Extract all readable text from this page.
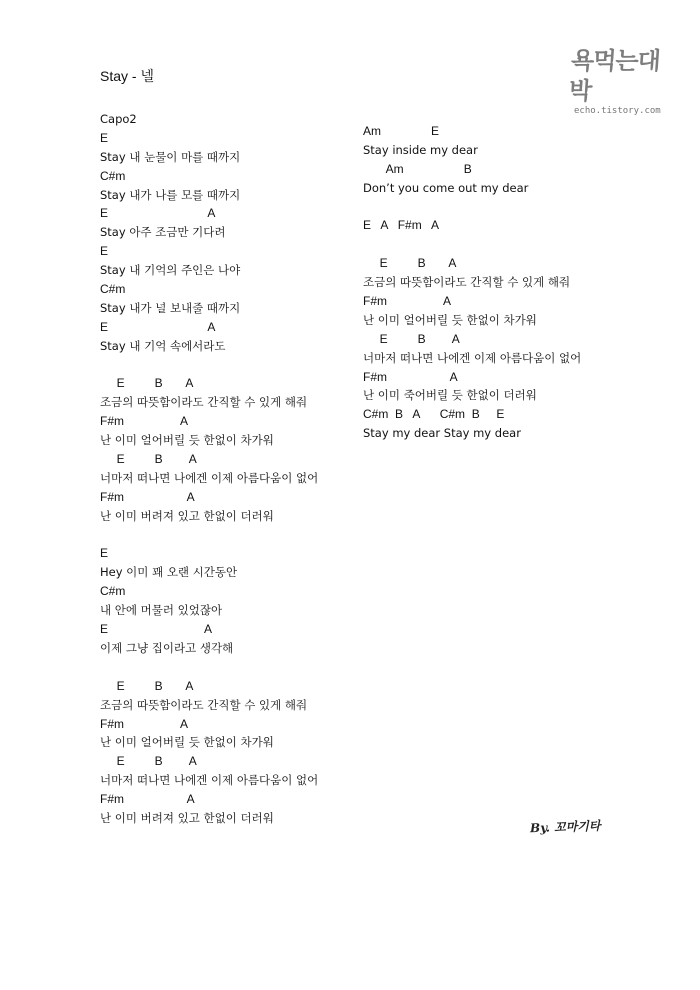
Stay - 넬
욕먹는대박
echo.tistory.com
Capo2
E
Stay 내 눈물이 마를 때까지
C#m
Stay 내가 나를 모를 때까지
E                              A
Stay 아주 조금만 기다려
E
Stay 내 기억의 주인은 나야
C#m
Stay 내가 널 보내줄 때까지
E                              A
Stay 내 기억 속에서라도
E         B       A
조금의 따뜻함이라도 간직할 수 있게 해줘
F#m                 A
난 이미 얼어버릴 듯 한없이 차가워
E         B        A
너마저 떠나면 나에겐 이제 아름다움이 없어
F#m                   A
난 이미 버려져 있고 한없이 더러워
E
Hey 이미 꽤 오랜 시간동안
C#m
내 안에 머물러 있었잖아
E                             A
이제 그냥 집이라고 생각해
E         B       A
조금의 따뜻함이라도 간직할 수 있게 해줘
F#m                 A
난 이미 얼어버릴 듯 한없이 차가워
E         B        A
너마저 떠나면 나에겐 이제 아름다움이 없어
F#m                   A
난 이미 버려져 있고 한없이 더러워
Am               E
Stay inside my dear
Am                  B
Don’t you come out my dear
E   A   F#m   A
E         B       A
조금의 따뜻함이라도 간직할 수 있게 해줘
F#m                 A
난 이미 얼어버릴 듯 한없이 차가워
E         B        A
너마저 떠나면 나에겐 이제 아름다움이 없어
F#m                   A
난 이미 죽어버릴 듯 한없이 더러워
C#m  B   A      C#m  B     E
Stay my dear Stay my dear
By. 꼬마기타
